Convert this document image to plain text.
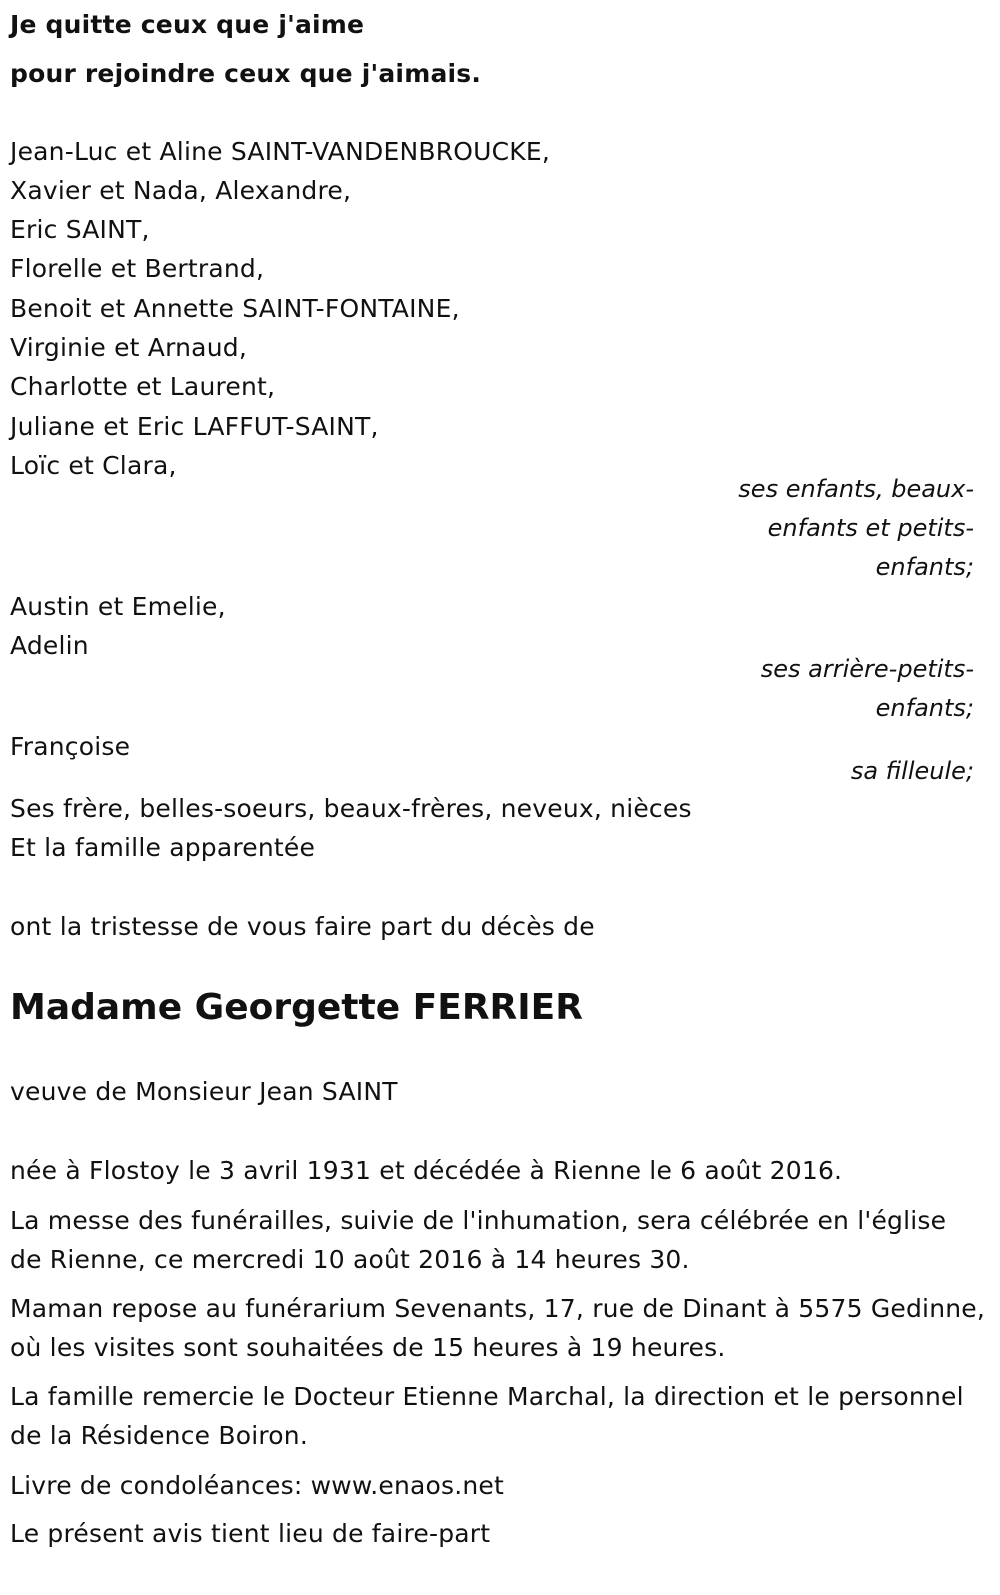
Je quitte ceux que j'aime
pour rejoindre ceux que j'aimais.
Jean-Luc et Aline SAINT-VANDENBROUCKE,
Xavier et Nada, Alexandre,
Eric SAINT,
Florelle et Bertrand,
Benoit et Annette SAINT-FONTAINE,
Virginie et Arnaud,
Charlotte et Laurent,
Juliane et Eric LAFFUT-SAINT,
Loïc et Clara,
ses enfants, beaux-
enfants et petits-
enfants;
Austin et Emelie,
Adelin
ses arrière-petits-
enfants;
Françoise
sa filleule;
Ses frère, belles-soeurs, beaux-frères, neveux, nièces
Et la famille apparentée
ont la tristesse de vous faire part du décès de
Madame Georgette FERRIER
veuve de Monsieur Jean SAINT
née à Flostoy le 3 avril 1931 et décédée à Rienne le 6 août 2016.
La messe des funérailles, suivie de l'inhumation, sera célébrée en l'église de Rienne, ce mercredi 10 août 2016 à 14 heures 30.
Maman repose au funérarium Sevenants, 17, rue de Dinant à 5575 Gedinne, où les visites sont souhaitées de 15 heures à 19 heures.
La famille remercie le Docteur Etienne Marchal, la direction et le personnel de la Résidence Boiron.
Livre de condoléances: www.enaos.net
Le présent avis tient lieu de faire-part
